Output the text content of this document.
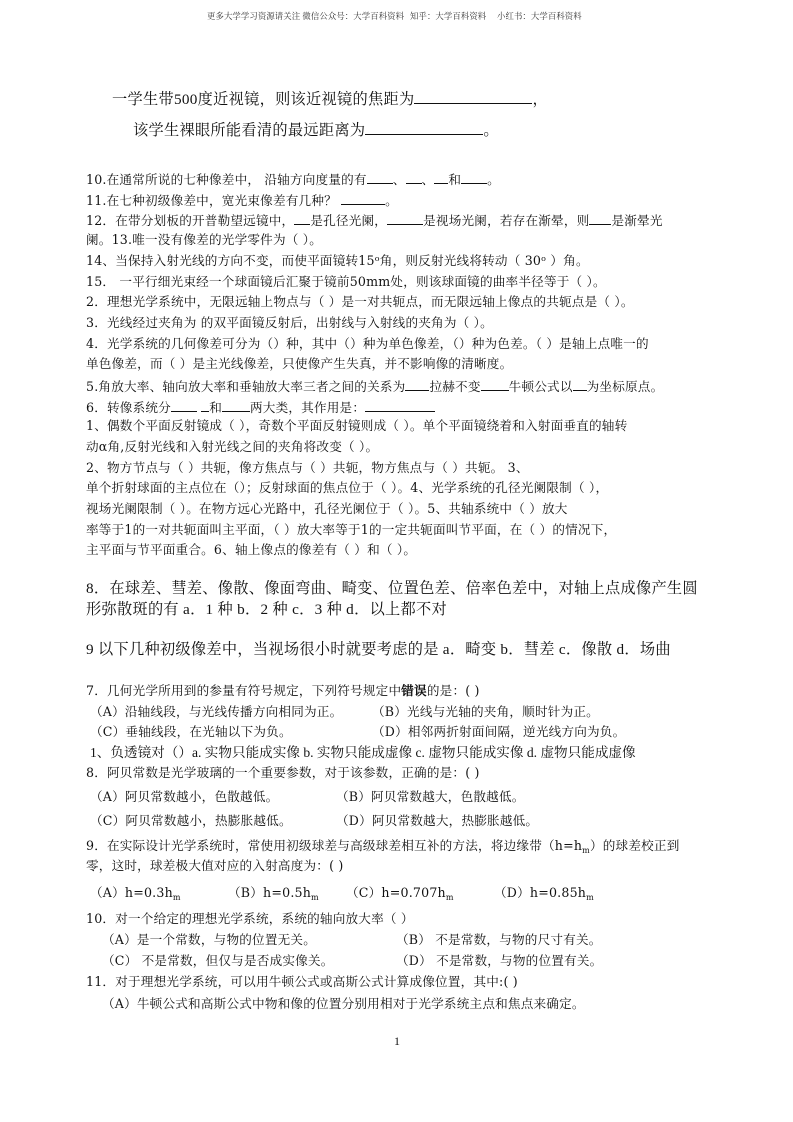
更多大学学习资源请关注 微信公众号：大学百科资料 知乎：大学百科资料 小红书：大学百科资料
一学生带500度近视镜，则该近视镜的焦距为	，
该学生裸眼所能看清的最远距离为	。
10.在通常所说的七种像差中， 沿轴方向度量的有 、 、 和 。
11.在七种初级像差中，宽光束像差有几种？	。
12．在带分划板的开普勒望远镜中， 是孔径光阑，	是视场光阑，若存在渐晕，则 是渐晕光
阑。13.唯一没有像差的光学零件为（ ）。
14、当保持入射光线的方向不变，而使平面镜转15ᵒ角，则反射光线将转动（ 30ᵒ ）角。
15． 一平行细光束经一个球面镜后汇聚于镜前50mm处，则该球面镜的曲率半径等于（ ）。
2．理想光学系统中，无限远轴上物点与（ ）是一对共轭点，而无限远轴上像点的共轭点是（ ）。
3．光线经过夹角为 的双平面镜反射后，出射线与入射线的夹角为（ ）。
4．光学系统的几何像差可分为（）种，其中（）种为单色像差，（）种为色差。（ ）是轴上点唯一的
单色像差，而（ ）是主光线像差，只使像产生失真，并不影响像的清晰度。
5.角放大率、轴向放大率和垂轴放大率三者之间的关系为 拉赫不变 牛顿公式以 为坐标原点。
6．转像系统分	和 两大类，其作用是：
1、偶数个平面反射镜成（ ），奇数个平面反射镜则成（ ）。单个平面镜绕着和入射面垂直的轴转
动α角,反射光线和入射光线之间的夹角将改变（ ）。
2、物方节点与（ ）共轭，像方焦点与（ ）共轭，物方焦点与（ ）共轭。 3、
单个折射球面的主点位在（）；反射球面的焦点位于（ ）。4、光学系统的孔径光阑限制（ ），
视场光阑限制（ ）。在物方远心光路中，孔径光阑位于（ ）。5、共轴系统中（ ）放大
率等于1的一对共轭面叫主平面，（ ）放大率等于1的一定共轭面叫节平面，在（ ）的情况下，
主平面与节平面重合。6、轴上像点的像差有（ ）和（ ）。
8．在球差、彗差、像散、像面弯曲、畸变、位置色差、倍率色差中，对轴上点成像产生圆
形弥散斑的有 a．1 种 b．2 种 c．3 种 d．以上都不对
9 以下几种初级像差中，当视场很小时就要考虑的是 a．畸变 b．彗差 c．像散 d．场曲
7．几何光学所用到的参量有符号规定，下列符号规定中错误的是：( )
（A）沿轴线段，与光线传播方向相同为正。 （B）光线与光轴的夹角，顺时针为正。
（C）垂轴线段，在光轴以下为负。	（D）相邻两折射面间隔，逆光线方向为负。
1、负透镜对（）a. 实物只能成实像 b. 实物只能成虚像 c. 虚物只能成实像 d. 虚物只能成虚像
8．阿贝常数是光学玻璃的一个重要参数，对于该参数，正确的是：( )
（A）阿贝常数越小，色散越低。	（B）阿贝常数越大，色散越低。
（C）阿贝常数越小，热膨胀越低。	（D）阿贝常数越大，热膨胀越低。
9．在实际设计光学系统时，常使用初级球差与高级球差相互补的方法，将边缘带$(h=h_m)$的球差校正到
零，这时，球差极大值对应的入射高度为：( )
$(A)h=0.3h_m$	$(B)h=0.5h_m$ $(C)h=0.707h_m$	$(D)h=0.85h_m$
10．对一个给定的理想光学系统，系统的轴向放大率（ ）
（A）是一个常数，与物的位置无关。	（B） 不是常数，与物的尺寸有关。
（C） 不是常数，但仅与是否成实像关。	（D） 不是常数，与物的位置有关。
11．对于理想光学系统，可以用牛顿公式或高斯公式计算成像位置，其中:( )
（A）牛顿公式和高斯公式中物和像的位置分别用相对于光学系统主点和焦点来确定。
1
